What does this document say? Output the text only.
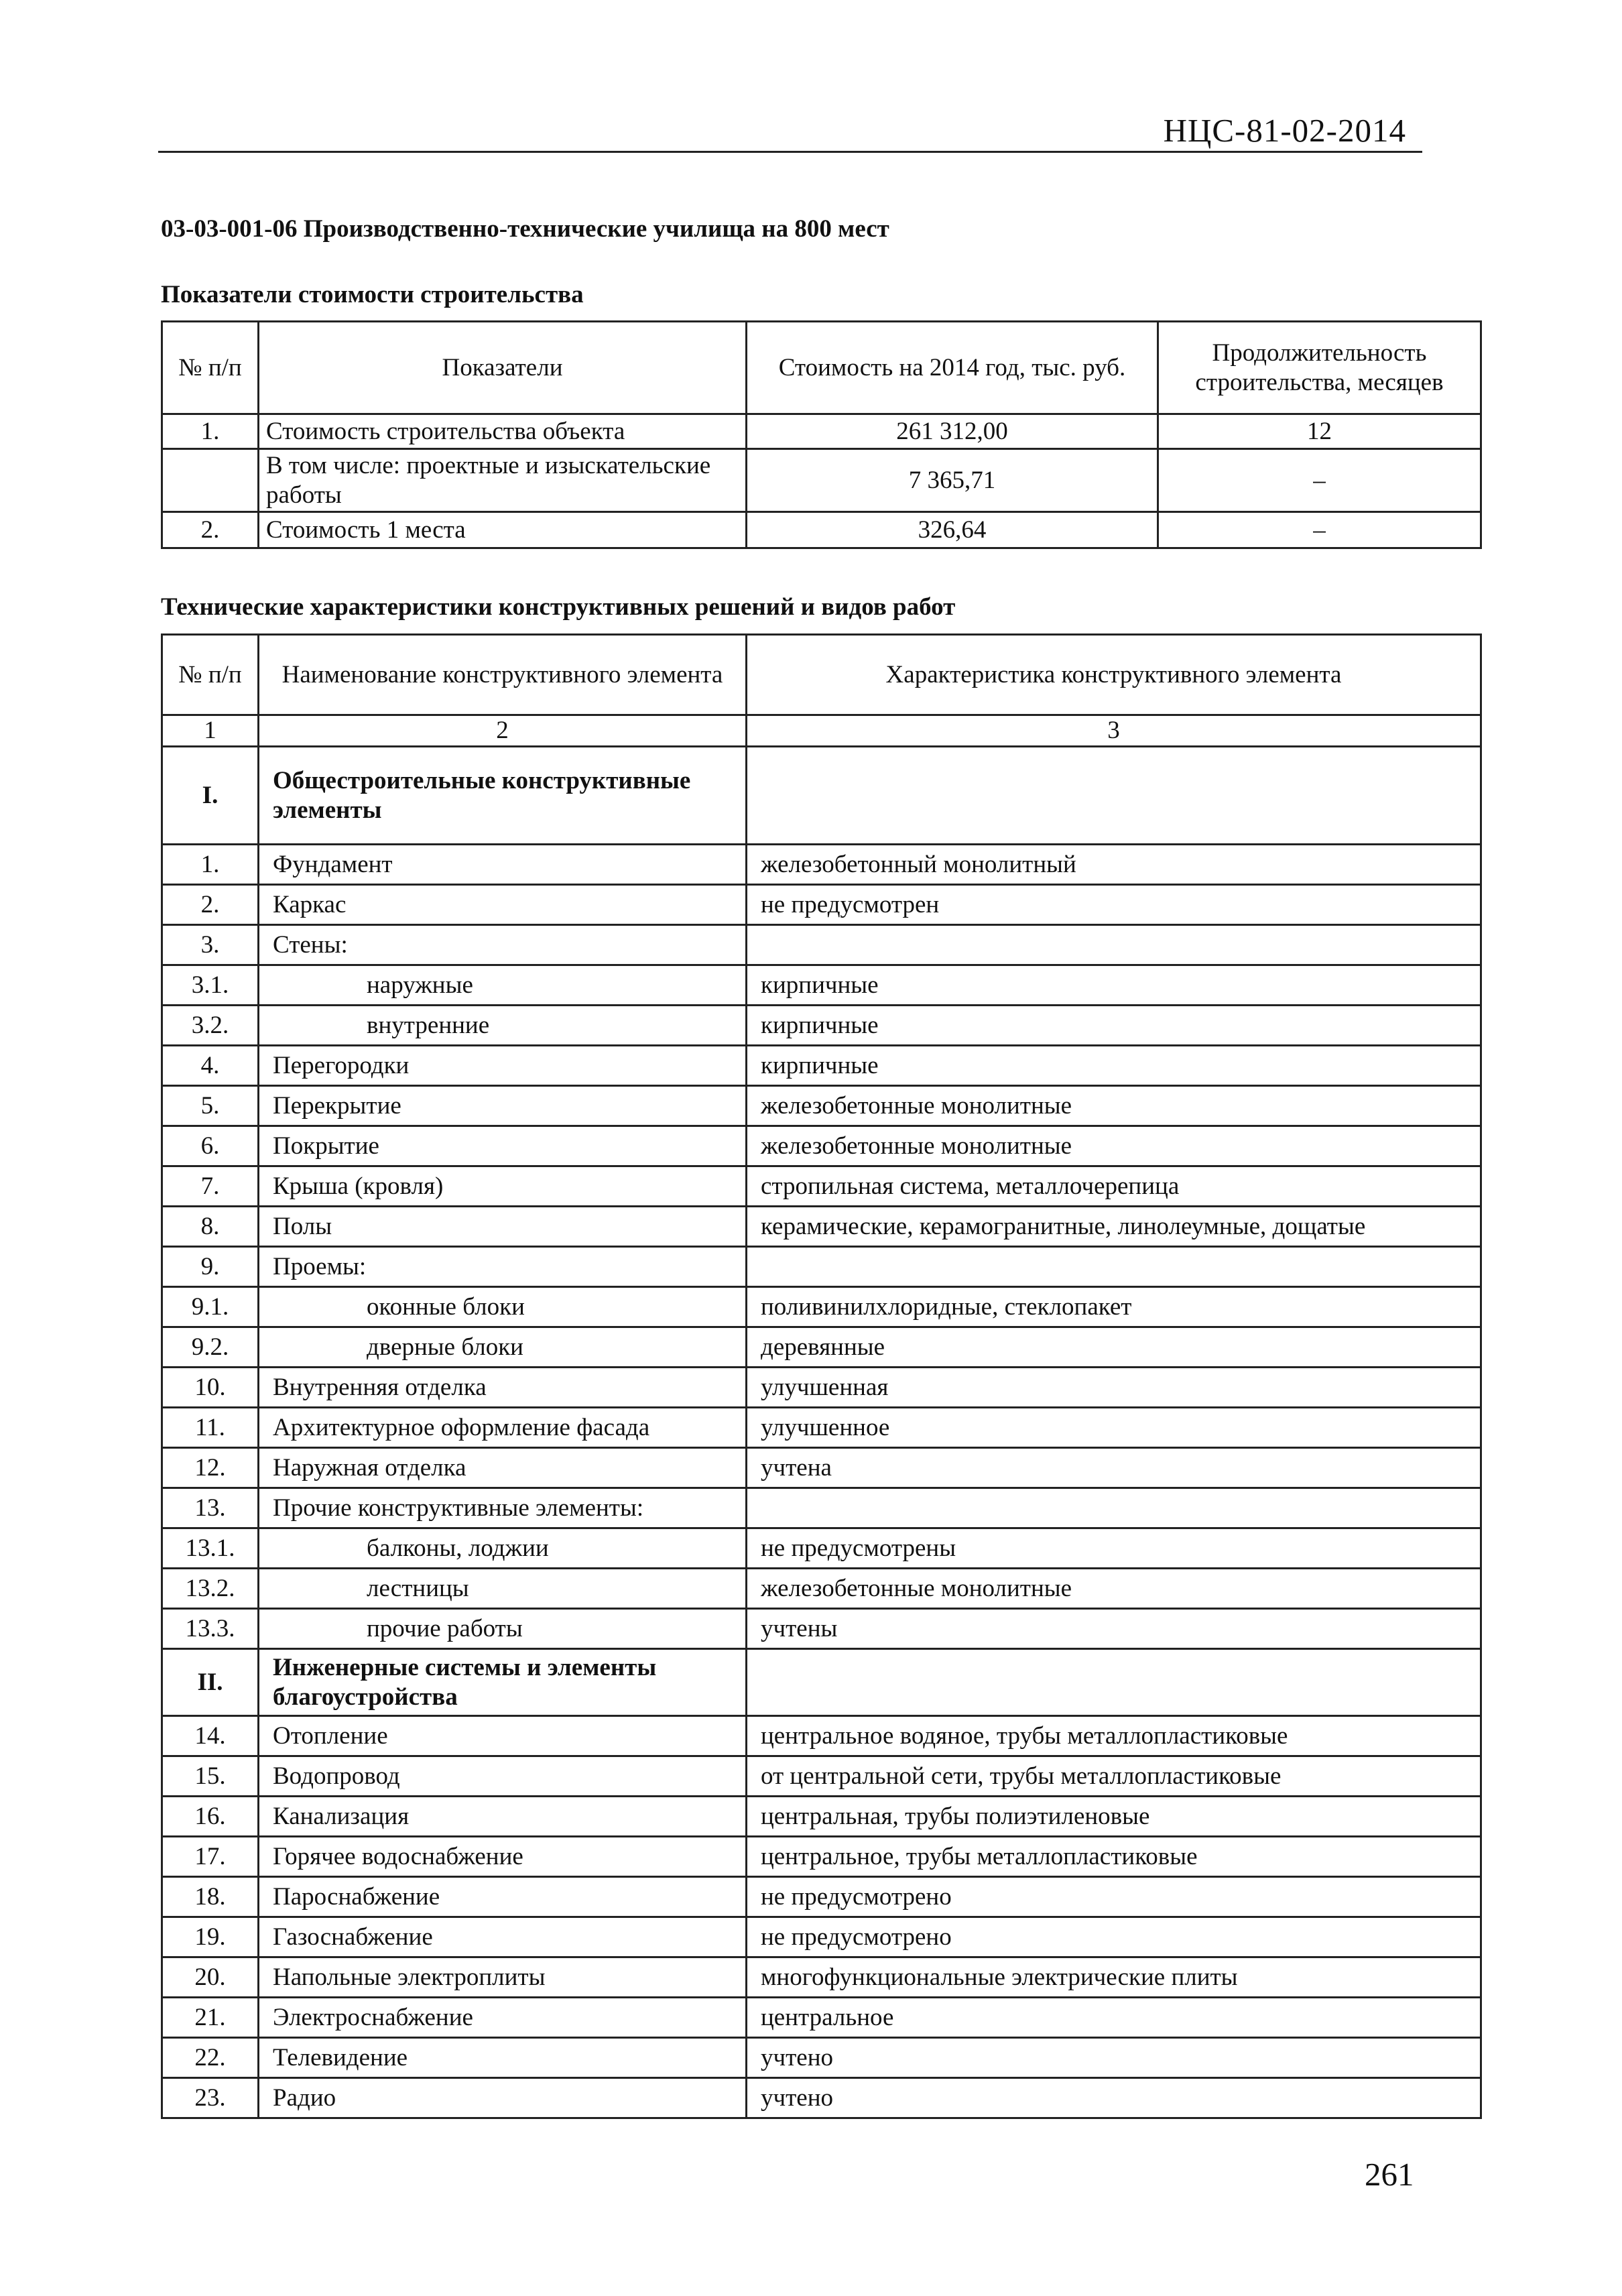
НЦС-81-02-2014
03-03-001-06 Производственно-технические училища на 800 мест
Показатели стоимости строительства
№ п/п	Показатели	Стоимость на 2014 год, тыс. руб.	Продолжительность строительства, месяцев
1.	Стоимость строительства объекта	261 312,00	12
	В том числе: проектные и изыскательские работы	7 365,71	–
2.	Стоимость 1 места	326,64	–
Технические характеристики конструктивных решений и видов работ
№ п/п	Наименование конструктивного элемента	Характеристика конструктивного элемента
1	2	3
I.	Общестроительные конструктивные элементы	
1.	Фундамент	железобетонный монолитный
2.	Каркас	не предусмотрен
3.	Стены:	
3.1.	наружные	кирпичные
3.2.	внутренние	кирпичные
4.	Перегородки	кирпичные
5.	Перекрытие	железобетонные монолитные
6.	Покрытие	железобетонные монолитные
7.	Крыша (кровля)	стропильная система, металлочерепица
8.	Полы	керамические, керамогранитные, линолеумные, дощатые
9.	Проемы:	
9.1.	оконные блоки	поливинилхлоридные, стеклопакет
9.2.	дверные блоки	деревянные
10.	Внутренняя отделка	улучшенная
11.	Архитектурное оформление фасада	улучшенное
12.	Наружная отделка	учтена
13.	Прочие конструктивные элементы:	
13.1.	балконы, лоджии	не предусмотрены
13.2.	лестницы	железобетонные монолитные
13.3.	прочие работы	учтены
II.	Инженерные системы и элементы благоустройства	
14.	Отопление	центральное водяное, трубы металлопластиковые
15.	Водопровод	от центральной сети, трубы металлопластиковые
16.	Канализация	центральная, трубы полиэтиленовые
17.	Горячее водоснабжение	центральное, трубы металлопластиковые
18.	Пароснабжение	не предусмотрено
19.	Газоснабжение	не предусмотрено
20.	Напольные электроплиты	многофункциональные электрические плиты
21.	Электроснабжение	центральное
22.	Телевидение	учтено
23.	Радио	учтено
261
